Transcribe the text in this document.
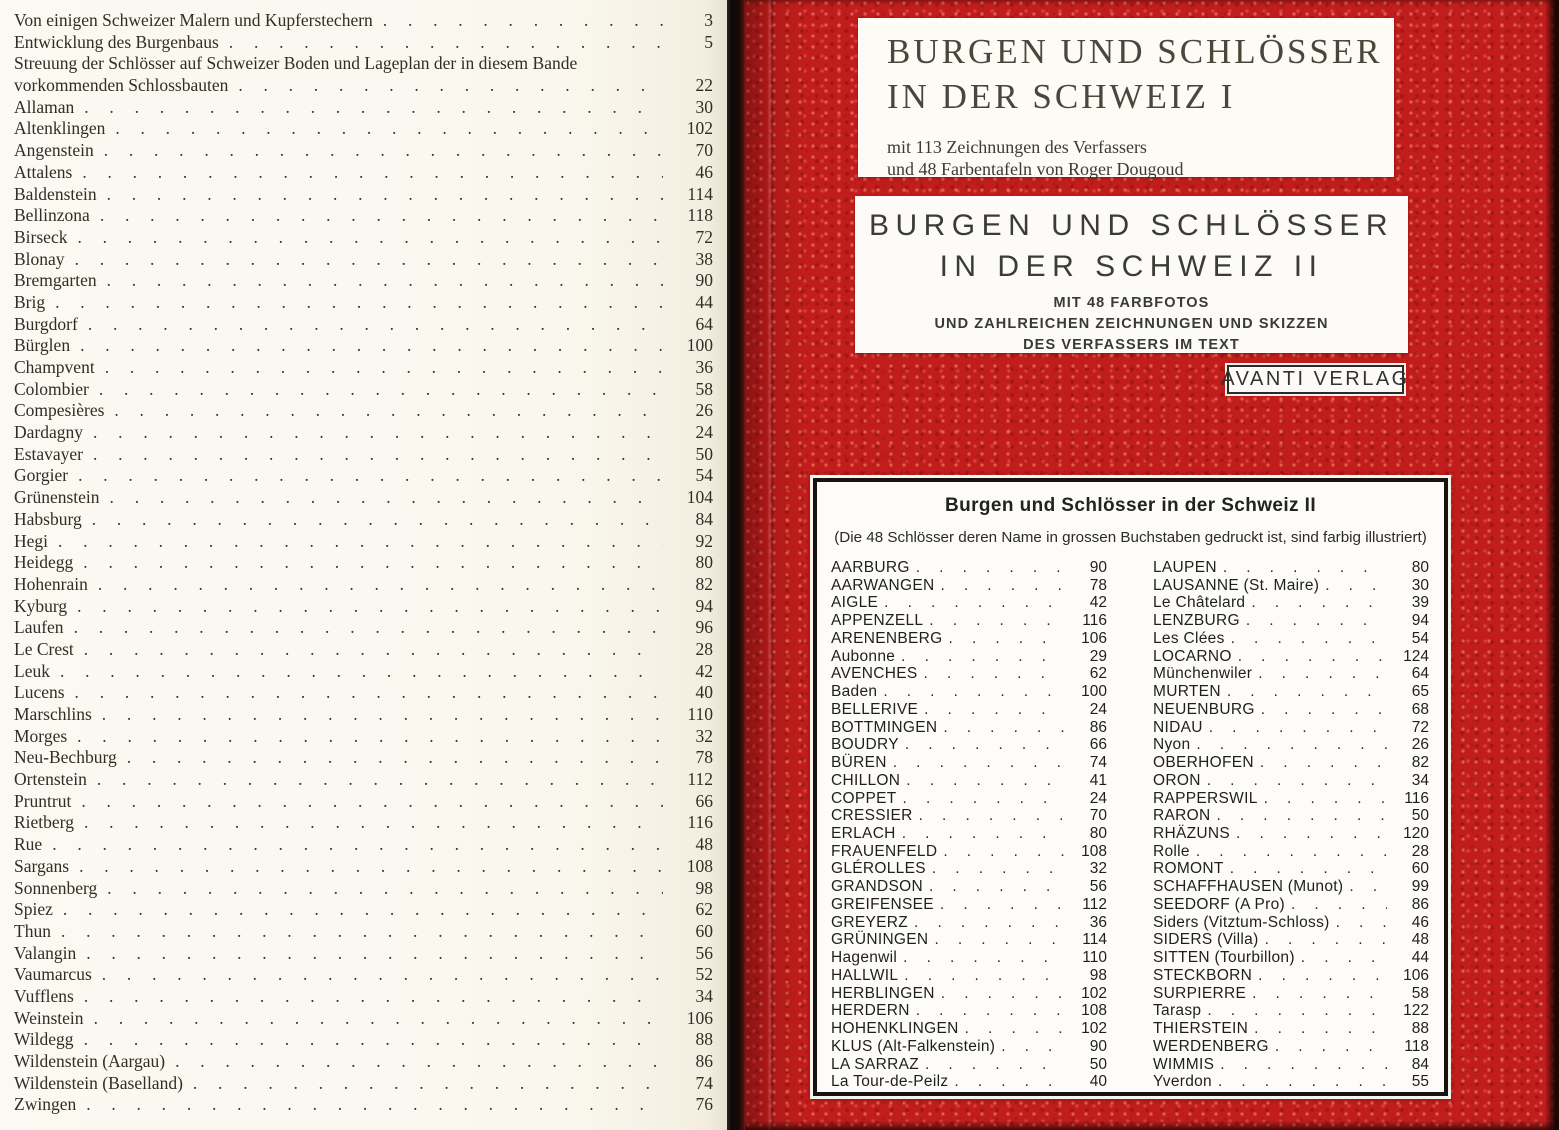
Von einigen Schweizer Malern und Kupferstechern . . .	3
Entwicklung des Burgenbaus . . .	5
Streuung der Schlösser auf Schweizer Boden und Lageplan der in diesem Bande
vorkommenden Schlossbauten . . .	22
Allaman . . .	30
Altenklingen . . .	102
Angenstein . . .	70
Attalens . . .	46
Baldenstein . . .	114
Bellinzona . . .	118
Birseck . . .	72
Blonay . . .	38
Bremgarten . . .	90
Brig . . .	44
Burgdorf . . .	64
Bürglen . . .	100
Champvent . . .	36
Colombier . . .	58
Compesières . . .	26
Dardagny . . .	24
Estavayer . . .	50
Gorgier . . .	54
Grünenstein . . .	104
Habsburg . . .	84
Hegi . . .	92
Heidegg . . .	80
Hohenrain . . .	82
Kyburg . . .	94
Laufen . . .	96
Le Crest . . .	28
Leuk . . .	42
Lucens . . .	40
Marschlins . . .	110
Morges . . .	32
Neu-Bechburg . . .	78
Ortenstein . . .	112
Pruntrut . . .	66
Rietberg . . .	116
Rue . . .	48
Sargans . . .	108
Sonnenberg . . .	98
Spiez . . .	62
Thun . . .	60
Valangin . . .	56
Vaumarcus . . .	52
Vufflens . . .	34
Weinstein . . .	106
Wildegg . . .	88
Wildenstein (Aargau) . . .	86
Wildenstein (Baselland) . . .	74
Zwingen . . .	76
BURGEN UND SCHLÖSSER
IN DER SCHWEIZ I
mit 113 Zeichnungen des Verfassers
und 48 Farbentafeln von Roger Dougoud
BURGEN UND SCHLÖSSER
IN DER SCHWEIZ II
MIT 48 FARBFOTOS
UND ZAHLREICHEN ZEICHNUNGEN UND SKIZZEN
DES VERFASSERS IM TEXT
AVANTI VERLAG
Burgen und Schlösser in der Schweiz II
(Die 48 Schlösser deren Name in grossen Buchstaben gedruckt ist, sind farbig illustriert)
AARBURG . . .	90
AARWANGEN . . .	78
AIGLE . . .	42
APPENZELL . . .	116
ARENENBERG . . .	106
Aubonne . . .	29
AVENCHES . . .	62
Baden . . .	100
BELLERIVE . . .	24
BOTTMINGEN . . .	86
BOUDRY . . .	66
BÜREN . . .	74
CHILLON . . .	41
COPPET . . .	24
CRESSIER . . .	70
ERLACH . . .	80
FRAUENFELD . . .	108
GLÉROLLES . . .	32
GRANDSON . . .	56
GREIFENSEE . . .	112
GREYERZ . . .	36
GRÜNINGEN . . .	114
Hagenwil . . .	110
HALLWIL . . .	98
HERBLINGEN . . .	102
HERDERN . . .	108
HOHENKLINGEN . . .	102
KLUS (Alt-Falkenstein) . . .	90
LA SARRAZ . . .	50
La Tour-de-Peilz . . .	40
LAUPEN . . .	80
LAUSANNE (St. Maire) . . .	30
Le Châtelard . . .	39
LENZBURG . . .	94
Les Clées . . .	54
LOCARNO . . .	124
Münchenwiler . . .	64
MURTEN . . .	65
NEUENBURG . . .	68
NIDAU . . .	72
Nyon . . .	26
OBERHOFEN . . .	82
ORON . . .	34
RAPPERSWIL . . .	116
RARON . . .	50
RHÄZUNS . . .	120
Rolle . . .	28
ROMONT . . .	60
SCHAFFHAUSEN (Munot) . . .	99
SEEDORF (A Pro) . . .	86
Siders (Vitztum-Schloss) . . .	46
SIDERS (Villa) . . .	48
SITTEN (Tourbillon) . . .	44
STECKBORN . . .	106
SURPIERRE . . .	58
Tarasp . . .	122
THIERSTEIN . . .	88
WERDENBERG . . .	118
WIMMIS . . .	84
Yverdon . . .	55
